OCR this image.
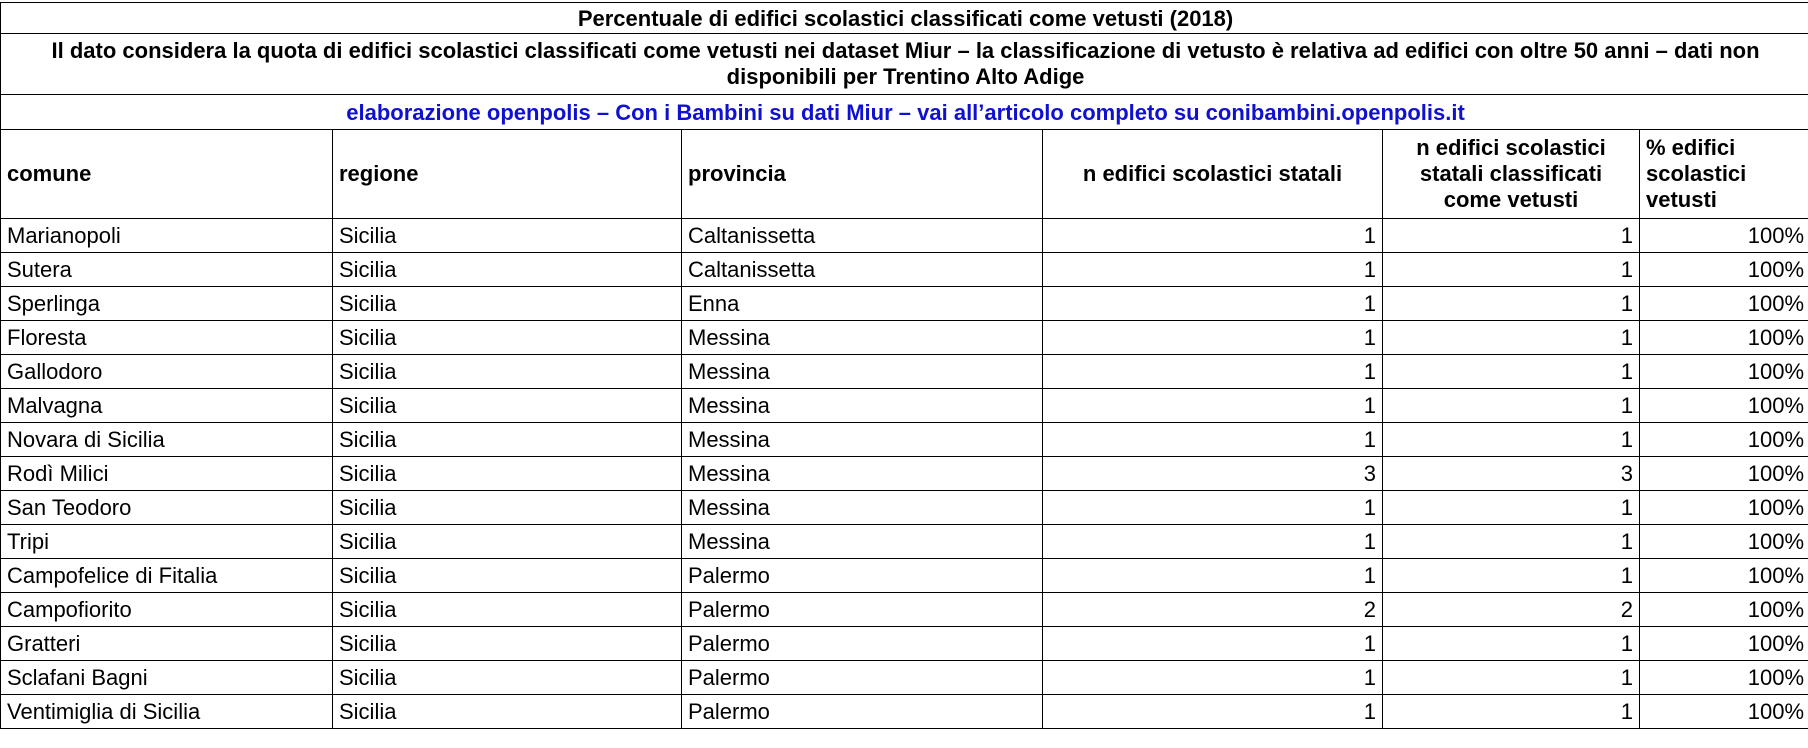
Percentuale di edifici scolastici classificati come vetusti (2018)					
Il dato considera la quota di edifici scolastici classificati come vetusti nei dataset Miur – la classificazione di vetusto è relativa ad edifici con oltre 50 anni – dati non disponibili per Trentino Alto Adige					
elaborazione openpolis – Con i Bambini su dati Miur – vai all’articolo completo su conibambini.openpolis.it					
comune	regione	provincia	n edifici scolastici statali	n edifici scolastici statali classificati come vetusti	% edifici scolastici vetusti
Marianopoli	Sicilia	Caltanissetta	1	1	100%
Sutera	Sicilia	Caltanissetta	1	1	100%
Sperlinga	Sicilia	Enna	1	1	100%
Floresta	Sicilia	Messina	1	1	100%
Gallodoro	Sicilia	Messina	1	1	100%
Malvagna	Sicilia	Messina	1	1	100%
Novara di Sicilia	Sicilia	Messina	1	1	100%
Rodì Milici	Sicilia	Messina	3	3	100%
San Teodoro	Sicilia	Messina	1	1	100%
Tripi	Sicilia	Messina	1	1	100%
Campofelice di Fitalia	Sicilia	Palermo	1	1	100%
Campofiorito	Sicilia	Palermo	2	2	100%
Gratteri	Sicilia	Palermo	1	1	100%
Sclafani Bagni	Sicilia	Palermo	1	1	100%
Ventimiglia di Sicilia	Sicilia	Palermo	1	1	100%
